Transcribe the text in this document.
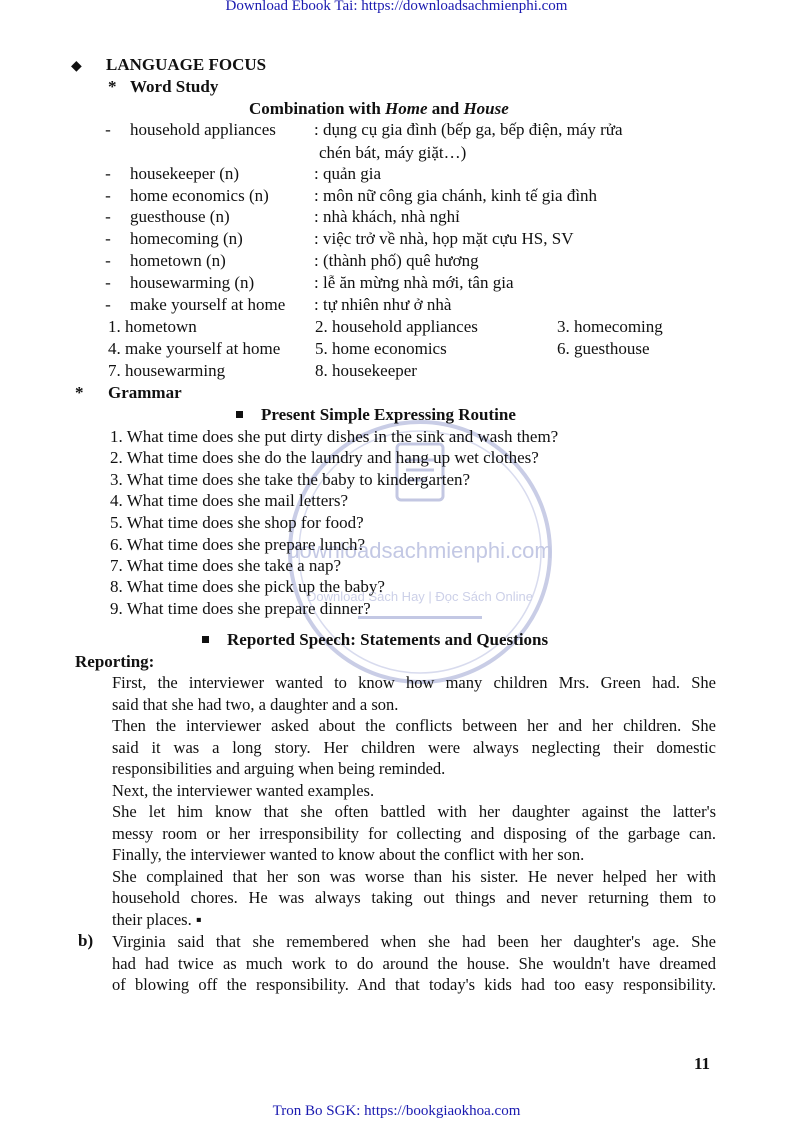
Download Ebook Tai: https://downloadsachmienphi.com
Tron Bo SGK: https://bookgiaokhoa.com
downloadsachmienphi.com
Download Sách Hay | Đọc Sách Online
◆ LANGUAGE FOCUS
* Word Study
Combination with Home and House
- household appliances : dụng cụ gia đình (bếp ga, bếp điện, máy rửa
chén bát, máy giặt…)
- housekeeper (n)	: quản gia
- home economics (n)	: môn nữ công gia chánh, kinh tế gia đình
- guesthouse (n)	: nhà khách, nhà nghỉ
- homecoming (n)	: việc trở về nhà, họp mặt cựu HS, SV
- hometown (n)	: (thành phố) quê hương
- housewarming (n)	: lễ ăn mừng nhà mới, tân gia
- make yourself at home : tự nhiên như ở nhà
1. hometown	2. household appliances	3. homecoming
4. make yourself at home 5. home economics	6. guesthouse
7. housewarming	8. housekeeper
* Grammar
Present Simple Expressing Routine
1. What time does she put dirty dishes in the sink and wash them?
2. What time does she do the laundry and hang up wet clothes?
3. What time does she take the baby to kindergarten?
4. What time does she mail letters?
5. What time does she shop for food?
6. What time does she prepare lunch?
7. What time does she take a nap?
8. What time does she pick up the baby?
9. What time does she prepare dinner?
Reported Speech: Statements and Questions
Reporting:
First, the interviewer wanted to know how many children Mrs. Green had. She
said that she had two, a daughter and a son.
Then the interviewer asked about the conflicts between her and her children. She
said it was a long story. Her children were always neglecting their domestic
responsibilities and arguing when being reminded.
Next, the interviewer wanted examples.
She let him know that she often battled with her daughter against the latter's
messy room or her irresponsibility for collecting and disposing of the garbage can.
Finally, the interviewer wanted to know about the conflict with her son.
She complained that her son was worse than his sister. He never helped her with
household chores. He was always taking out things and never returning them to
their places. ▪
b) Virginia said that she remembered when she had been her daughter's age. She
had had twice as much work to do around the house. She wouldn't have dreamed
of blowing off the responsibility. And that today's kids had too easy responsibility.
11
